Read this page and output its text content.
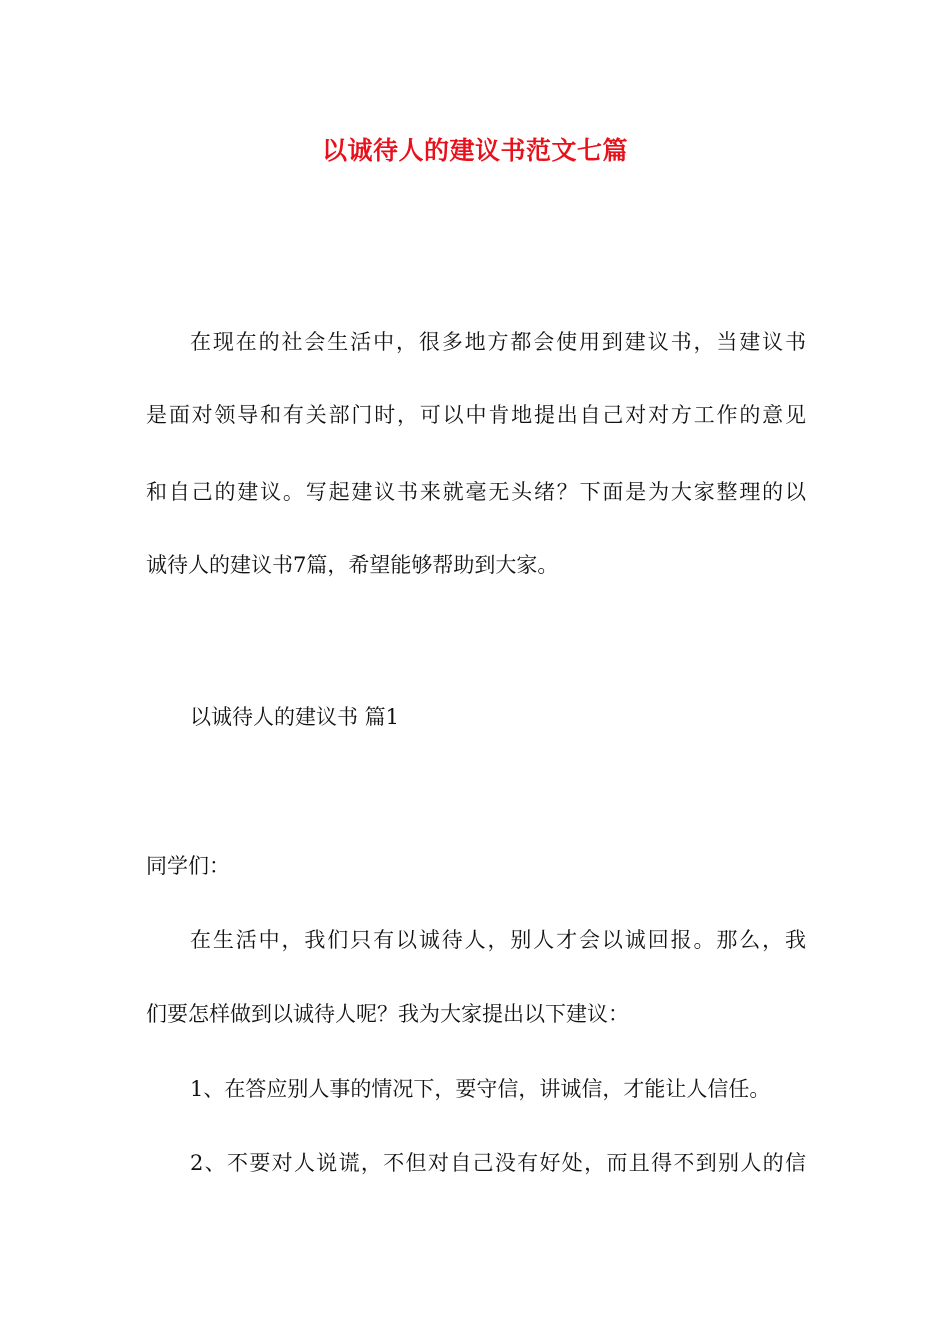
以诚待人的建议书范文七篇

在现在的社会生活中，很多地方都会使用到建议书，当建议书

是面对领导和有关部门时，可以中肯地提出自己对对方工作的意见

和自己的建议。写起建议书来就毫无头绪？下面是为大家整理的以

诚待人的建议书7篇，希望能够帮助到大家。

以诚待人的建议书 篇1

同学们：

在生活中，我们只有以诚待人，别人才会以诚回报。那么，我

们要怎样做到以诚待人呢？我为大家提出以下建议：

1、在答应别人事的情况下，要守信，讲诚信，才能让人信任。

2、不要对人说谎，不但对自己没有好处，而且得不到别人的信
